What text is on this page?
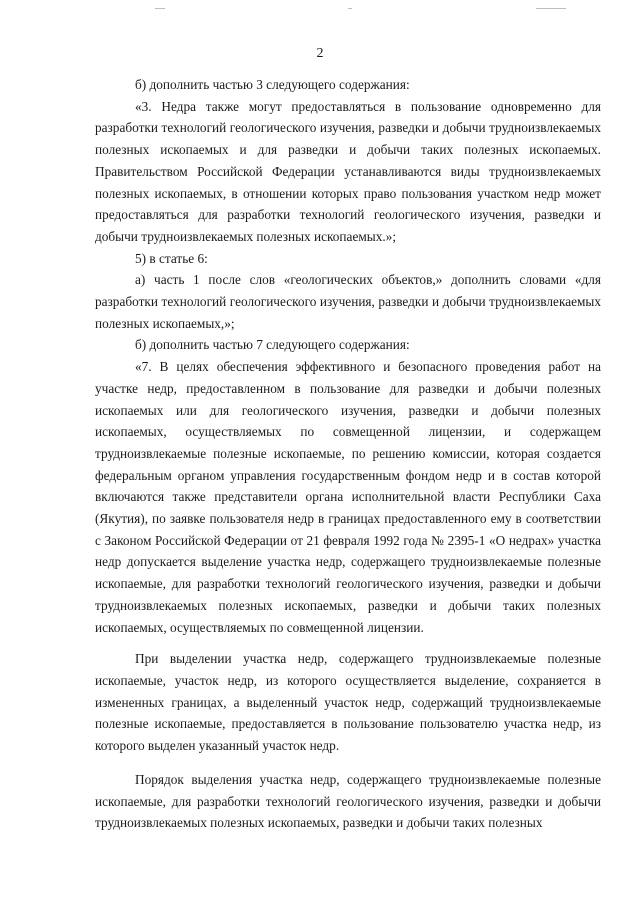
2

б) дополнить частью 3 следующего содержания:

«3. Недра также могут предоставляться в пользование одновременно для разработки технологий геологического изучения, разведки и добычи трудноизвлекаемых полезных ископаемых и для разведки и добычи таких полезных ископаемых. Правительством Российской Федерации устанавливаются виды трудноизвлекаемых полезных ископаемых, в отношении которых право пользования участком недр может предоставляться для разработки технологий геологического изучения, разведки и добычи трудноизвлекаемых полезных ископаемых.»;

5) в статье 6:

а) часть 1 после слов «геологических объектов,» дополнить словами «для разработки технологий геологического изучения, разведки и добычи трудноизвлекаемых полезных ископаемых,»;

б) дополнить частью 7 следующего содержания:

«7. В целях обеспечения эффективного и безопасного проведения работ на участке недр, предоставленном в пользование для разведки и добычи полезных ископаемых или для геологического изучения, разведки и добычи полезных ископаемых, осуществляемых по совмещенной лицензии, и содержащем трудноизвлекаемые полезные ископаемые, по решению комиссии, которая создается федеральным органом управления государственным фондом недр и в состав которой включаются также представители органа исполнительной власти Республики Саха (Якутия), по заявке пользователя недр в границах предоставленного ему в соответствии с Законом Российской Федерации от 21 февраля 1992 года № 2395-1 «О недрах» участка недр допускается выделение участка недр, содержащего трудноизвлекаемые полезные ископаемые, для разработки технологий геологического изучения, разведки и добычи трудноизвлекаемых полезных ископаемых, разведки и добычи таких полезных ископаемых, осуществляемых по совмещенной лицензии.

При выделении участка недр, содержащего трудноизвлекаемые полезные ископаемые, участок недр, из которого осуществляется выделение, сохраняется в измененных границах, а выделенный участок недр, содержащий трудноизвлекаемые полезные ископаемые, предоставляется в пользование пользователю участка недр, из которого выделен указанный участок недр.

Порядок выделения участка недр, содержащего трудноизвлекаемые полезные ископаемые, для разработки технологий геологического изучения, разведки и добычи трудноизвлекаемых полезных ископаемых, разведки и добычи таких полезных
